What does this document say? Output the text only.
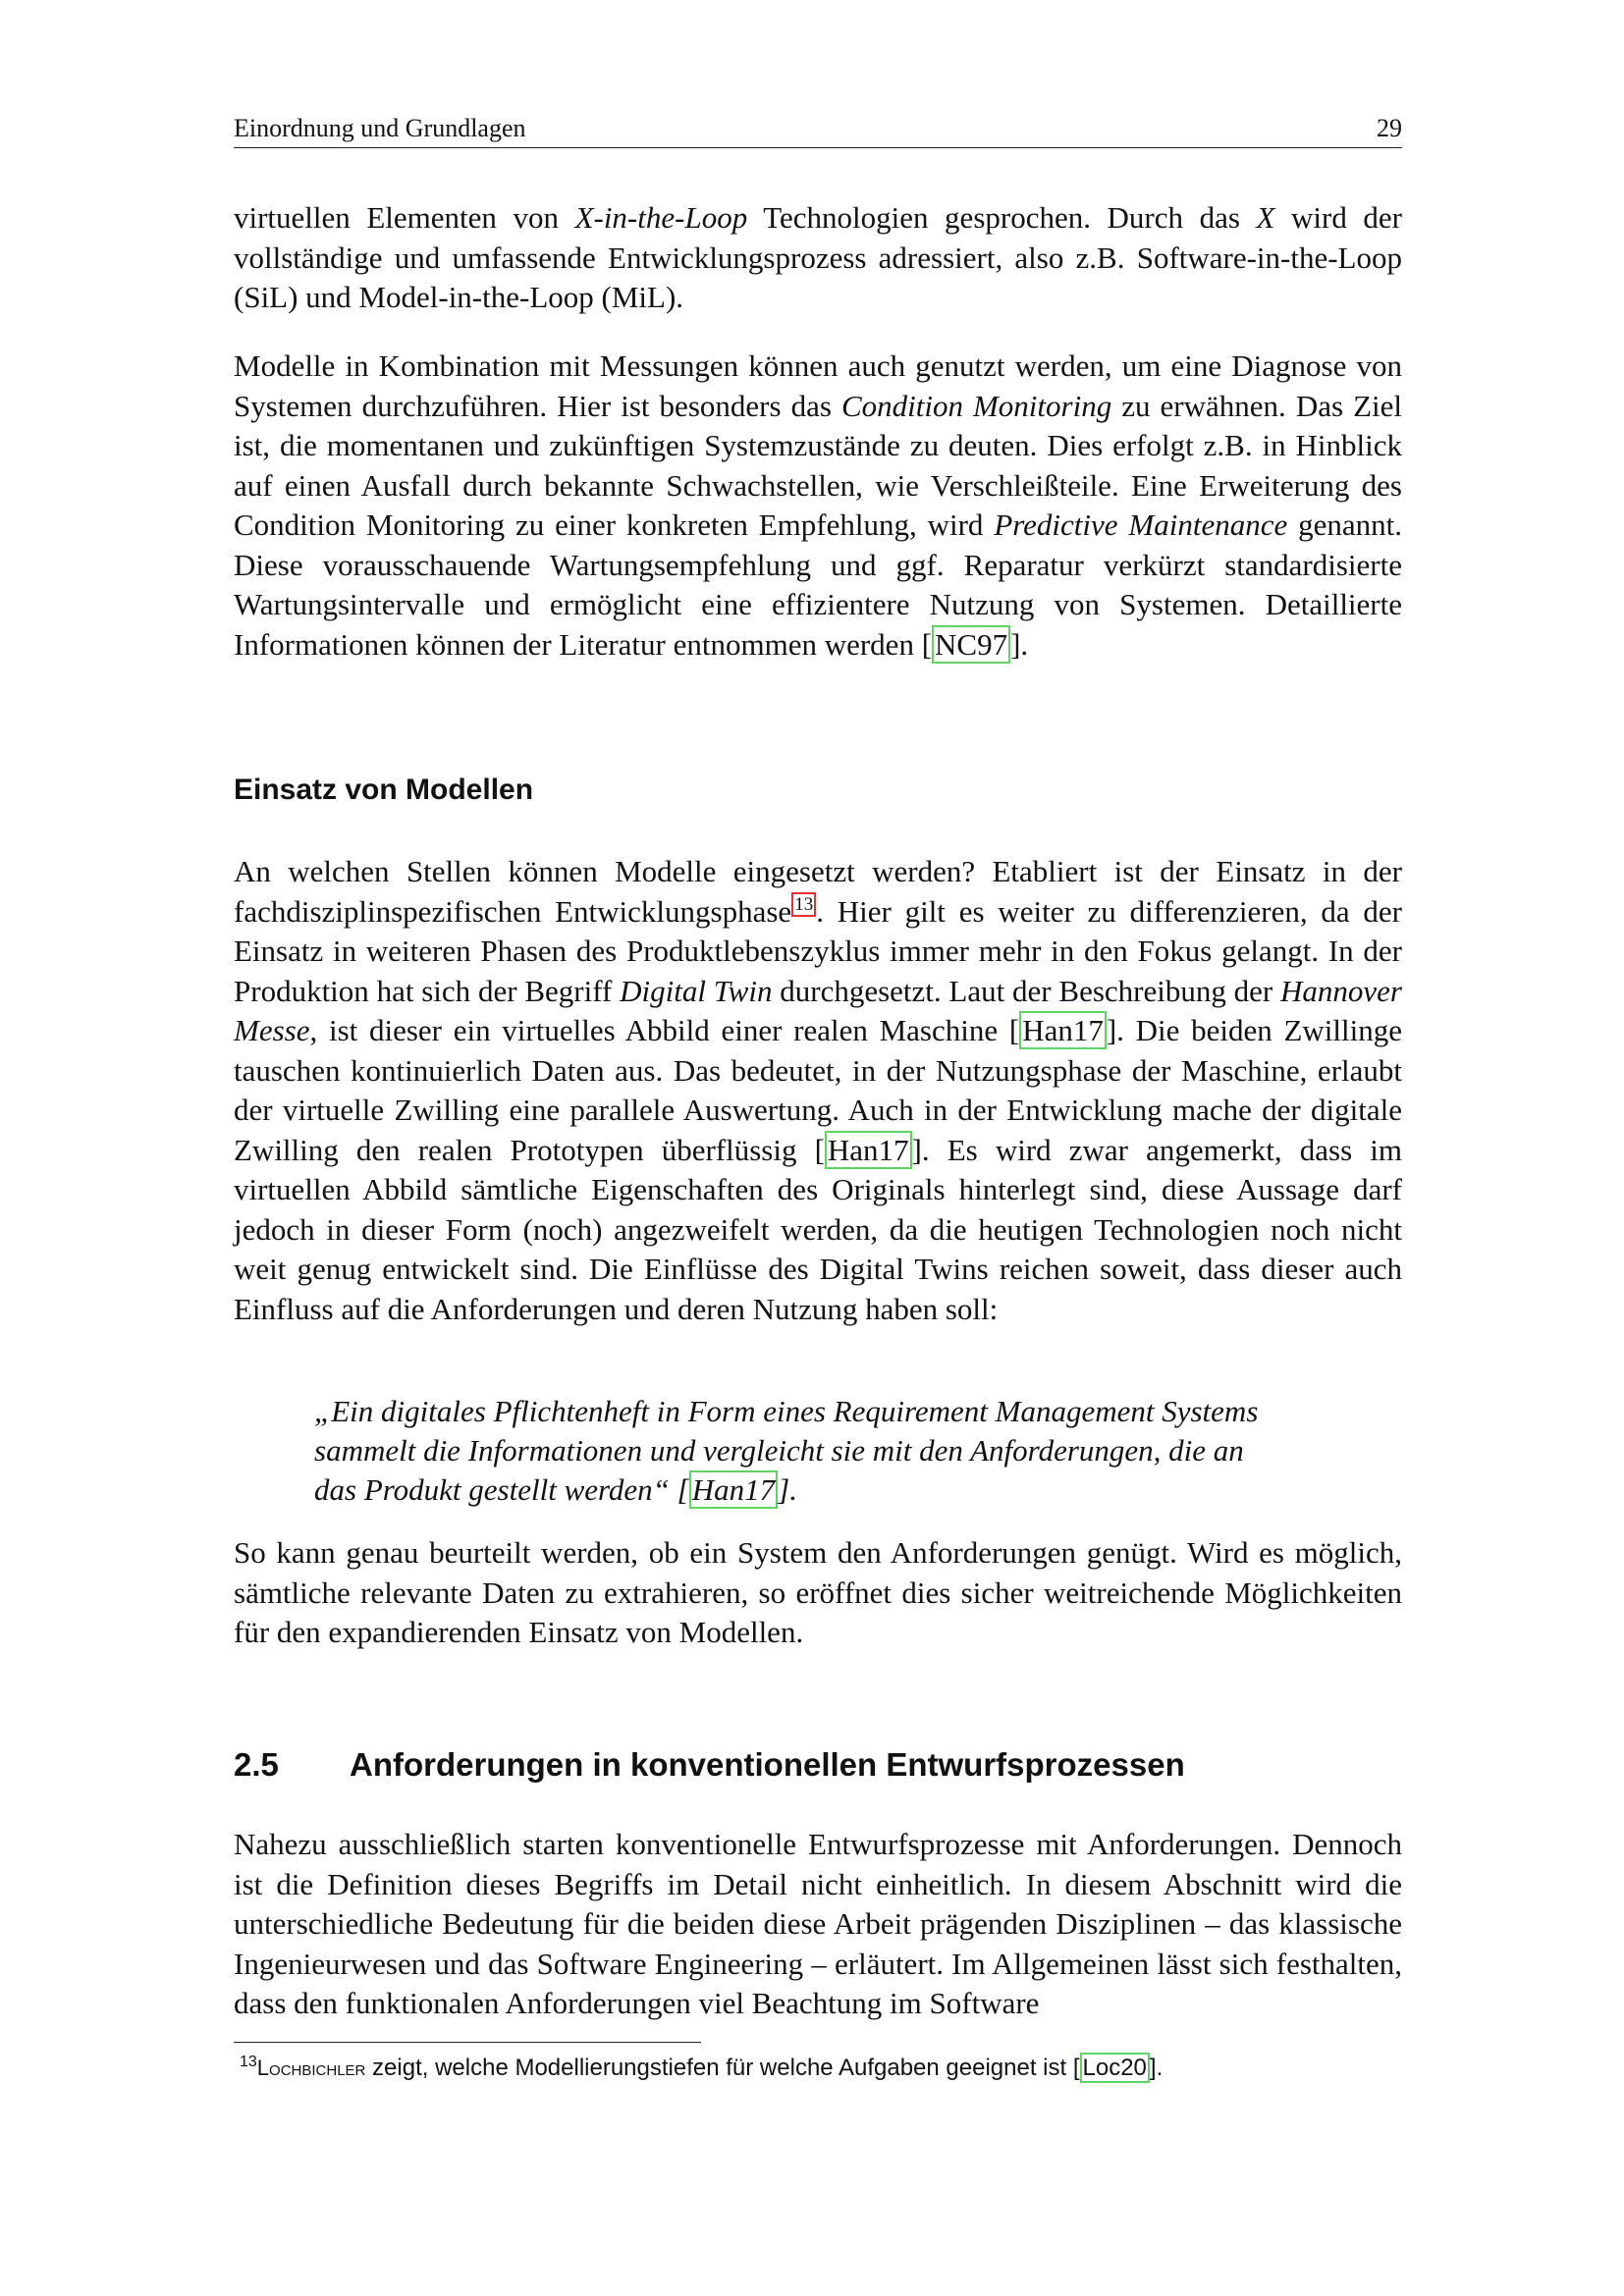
Einordnung und Grundlagen	29
virtuellen Elementen von X-in-the-Loop Technologien gesprochen. Durch das X wird der vollständige und umfassende Entwicklungsprozess adressiert, also z.B. Software-in-the-Loop (SiL) und Model-in-the-Loop (MiL).
Modelle in Kombination mit Messungen können auch genutzt werden, um eine Diagnose von Systemen durchzuführen. Hier ist besonders das Condition Monitoring zu erwähnen. Das Ziel ist, die momentanen und zukünftigen Systemzustände zu deuten. Dies erfolgt z.B. in Hinblick auf einen Ausfall durch bekannte Schwachstellen, wie Verschleißteile. Eine Erweiterung des Condition Monitoring zu einer konkreten Empfehlung, wird Predictive Maintenance genannt. Diese vorausschauende Wartungsempfehlung und ggf. Reparatur verkürzt standardisierte Wartungsintervalle und ermöglicht eine effizientere Nutzung von Systemen. Detaillierte Informationen können der Literatur entnommen werden [NC97].
Einsatz von Modellen
An welchen Stellen können Modelle eingesetzt werden? Etabliert ist der Einsatz in der fachdisziplinspezifischen Entwicklungsphase $^{13}$. Hier gilt es weiter zu differenzieren, da der Einsatz in weiteren Phasen des Produktlebenszyklus immer mehr in den Fokus gelangt. In der Produktion hat sich der Begriff Digital Twin durchgesetzt. Laut der Beschreibung der Hannover Messe, ist dieser ein virtuelles Abbild einer realen Maschine [Han17]. Die beiden Zwillinge tauschen kontinuierlich Daten aus. Das bedeutet, in der Nutzungsphase der Maschine, erlaubt der virtuelle Zwilling eine parallele Auswertung. Auch in der Entwicklung mache der digitale Zwilling den realen Prototypen überflüssig [Han17]. Es wird zwar angemerkt, dass im virtuellen Abbild sämtliche Eigenschaften des Originals hinterlegt sind, diese Aussage darf jedoch in dieser Form (noch) angezweifelt werden, da die heutigen Technologien noch nicht weit genug entwickelt sind. Die Einflüsse des Digital Twins reichen soweit, dass dieser auch Einfluss auf die Anforderungen und deren Nutzung haben soll:
„Ein digitales Pflichtenheft in Form eines Requirement Management Systems
sammelt die Informationen und vergleicht sie mit den Anforderungen, die an
das Produkt gestellt werden“ [Han17].
So kann genau beurteilt werden, ob ein System den Anforderungen genügt. Wird es möglich, sämtliche relevante Daten zu extrahieren, so eröffnet dies sicher weitreichende Möglichkeiten für den expandierenden Einsatz von Modellen.
2.5 Anforderungen in konventionellen Entwurfsprozessen
Nahezu ausschließlich starten konventionelle Entwurfsprozesse mit Anforderungen. Dennoch ist die Definition dieses Begriffs im Detail nicht einheitlich. In diesem Abschnitt wird die unterschiedliche Bedeutung für die beiden diese Arbeit prägenden Disziplinen – das klassische Ingenieurwesen und das Software Engineering – erläutert. Im Allgemeinen lässt sich festhalten, dass den funktionalen Anforderungen viel Beachtung im Software
$^{13}$Lochbichler zeigt, welche Modellierungstiefen für welche Aufgaben geeignet ist [ Loc20 ].
